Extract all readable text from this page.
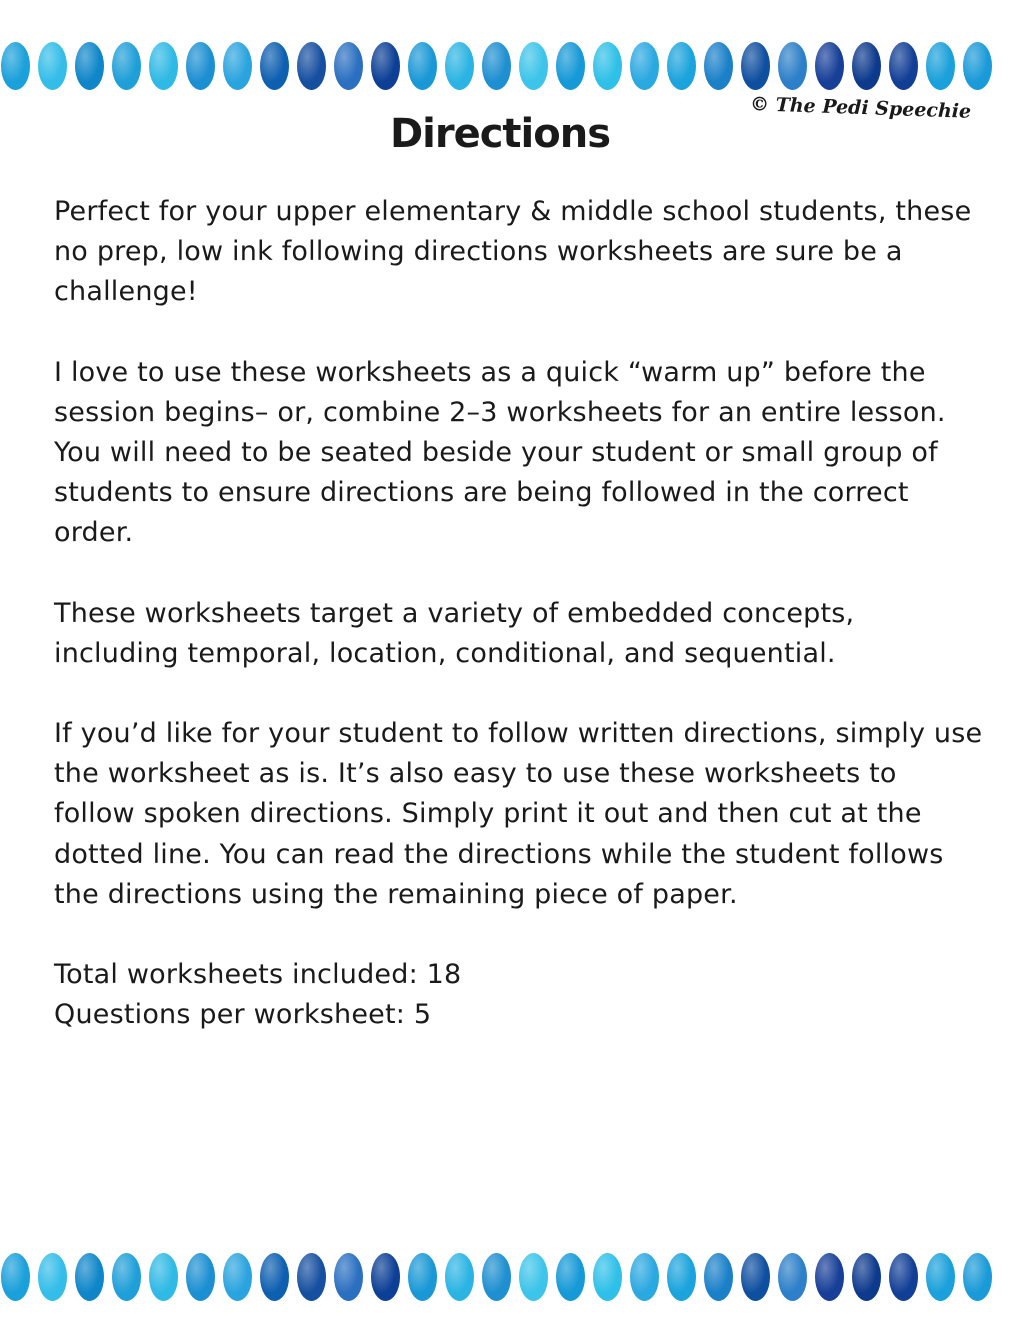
Directions
© The Pedi Speechie

Perfect for your upper elementary & middle school students, these no prep, low ink following directions worksheets are sure be a challenge!

I love to use these worksheets as a quick “warm up” before the session begins– or, combine 2–3 worksheets for an entire lesson. You will need to be seated beside your student or small group of students to ensure directions are being followed in the correct order.

These worksheets target a variety of embedded concepts, including temporal, location, conditional, and sequential.

If you’d like for your student to follow written directions, simply use the worksheet as is. It’s also easy to use these worksheets to follow spoken directions. Simply print it out and then cut at the dotted line. You can read the directions while the student follows the directions using the remaining piece of paper.

Total worksheets included: 18

Questions per worksheet: 5
